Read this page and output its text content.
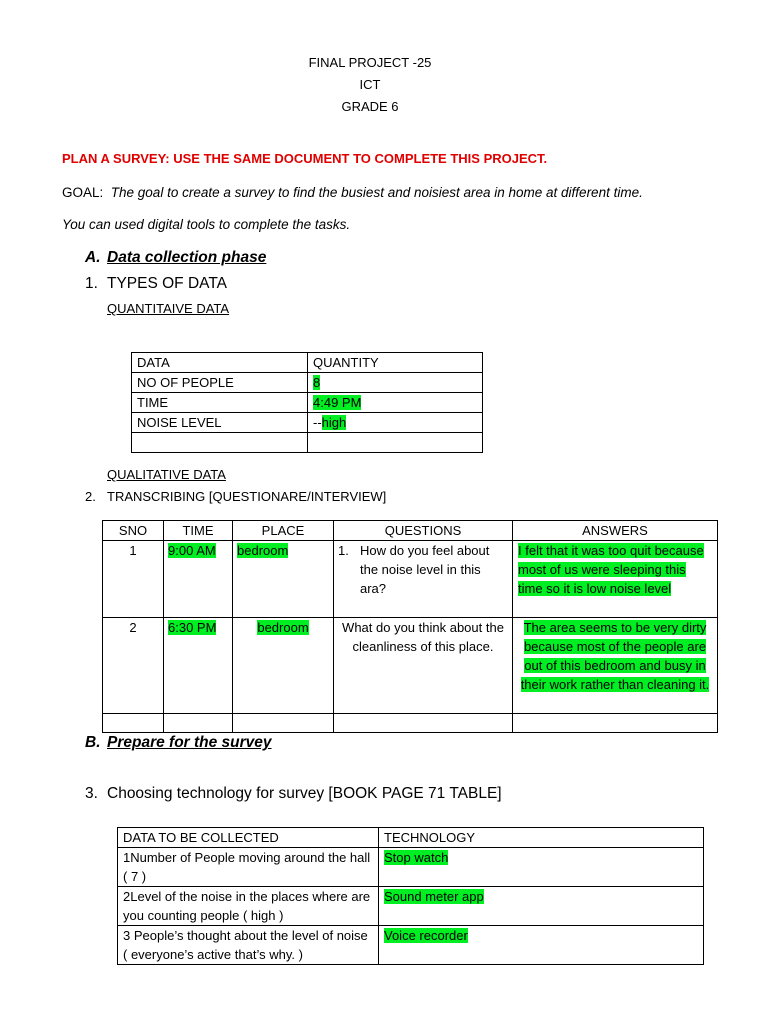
FINAL PROJECT -25
ICT
GRADE 6
PLAN A SURVEY: USE THE SAME DOCUMENT TO COMPLETE THIS PROJECT.
GOAL: The goal to create a survey to find the busiest and noisiest area in home at different time.
You can used digital tools to complete the tasks.
A. Data collection phase
1. TYPES OF DATA
QUANTITAIVE DATA
DATA	QUANTITY
NO OF PEOPLE	8
TIME	4:49 PM
NOISE LEVEL	--high

QUALITATIVE DATA
2. TRANSCRIBING [QUESTIONARE/INTERVIEW]
SNO	TIME	PLACE	QUESTIONS	ANSWERS
1	9:00 AM	bedroom	1. How do you feel about the noise level in this ara?	I felt that it was too quit because most of us were sleeping this time so it is low noise level
2	6:30 PM	bedroom	What do you think about the cleanliness of this place.	The area seems to be very dirty because most of the people are out of this bedroom and busy in their work rather than cleaning it.

B. Prepare for the survey
3. Choosing technology for survey [BOOK PAGE 71 TABLE]
DATA TO BE COLLECTED	TECHNOLOGY
1Number of People moving around the hall ( 7 )	Stop watch
2Level of the noise in the places where are you counting people ( high )	Sound meter app
3 People’s thought about the level of noise ( everyone’s active that’s why. )	Voice recorder
